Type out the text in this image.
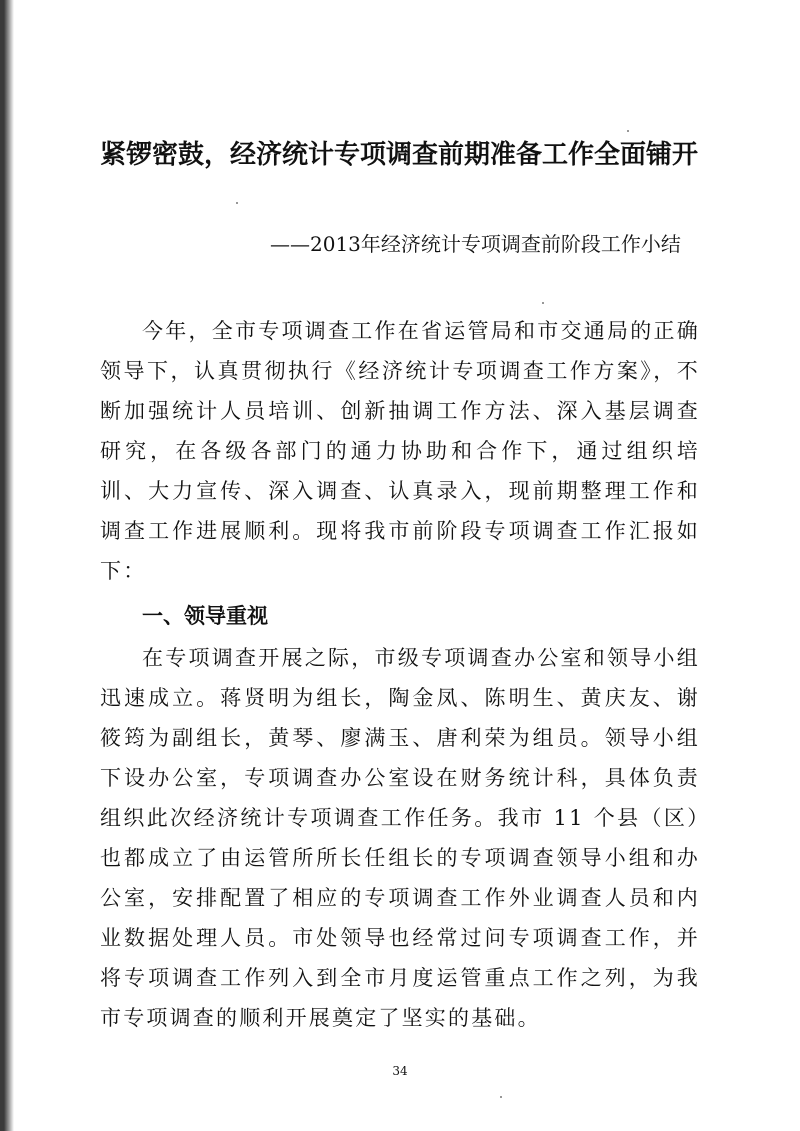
紧锣密鼓，经济统计专项调查前期准备工作全面铺开

——2013年经济统计专项调查前阶段工作小结

今年，全市专项调查工作在省运管局和市交通局的正确领导下，认真贯彻执行《经济统计专项调查工作方案》，不断加强统计人员培训、创新抽调工作方法、深入基层调查研究，在各级各部门的通力协助和合作下，通过组织培训、大力宣传、深入调查、认真录入，现前期整理工作和调查工作进展顺利。现将我市前阶段专项调查工作汇报如下：

一、领导重视

在专项调查开展之际，市级专项调查办公室和领导小组迅速成立。蒋贤明为组长，陶金凤、陈明生、黄庆友、谢筱筠为副组长，黄琴、廖满玉、唐利荣为组员。领导小组下设办公室，专项调查办公室设在财务统计科，具体负责组织此次经济统计专项调查工作任务。我市 11 个县（区）也都成立了由运管所所长任组长的专项调查领导小组和办公室，安排配置了相应的专项调查工作外业调查人员和内业数据处理人员。市处领导也经常过问专项调查工作，并将专项调查工作列入到全市月度运管重点工作之列，为我市专项调查的顺利开展奠定了坚实的基础。

34
